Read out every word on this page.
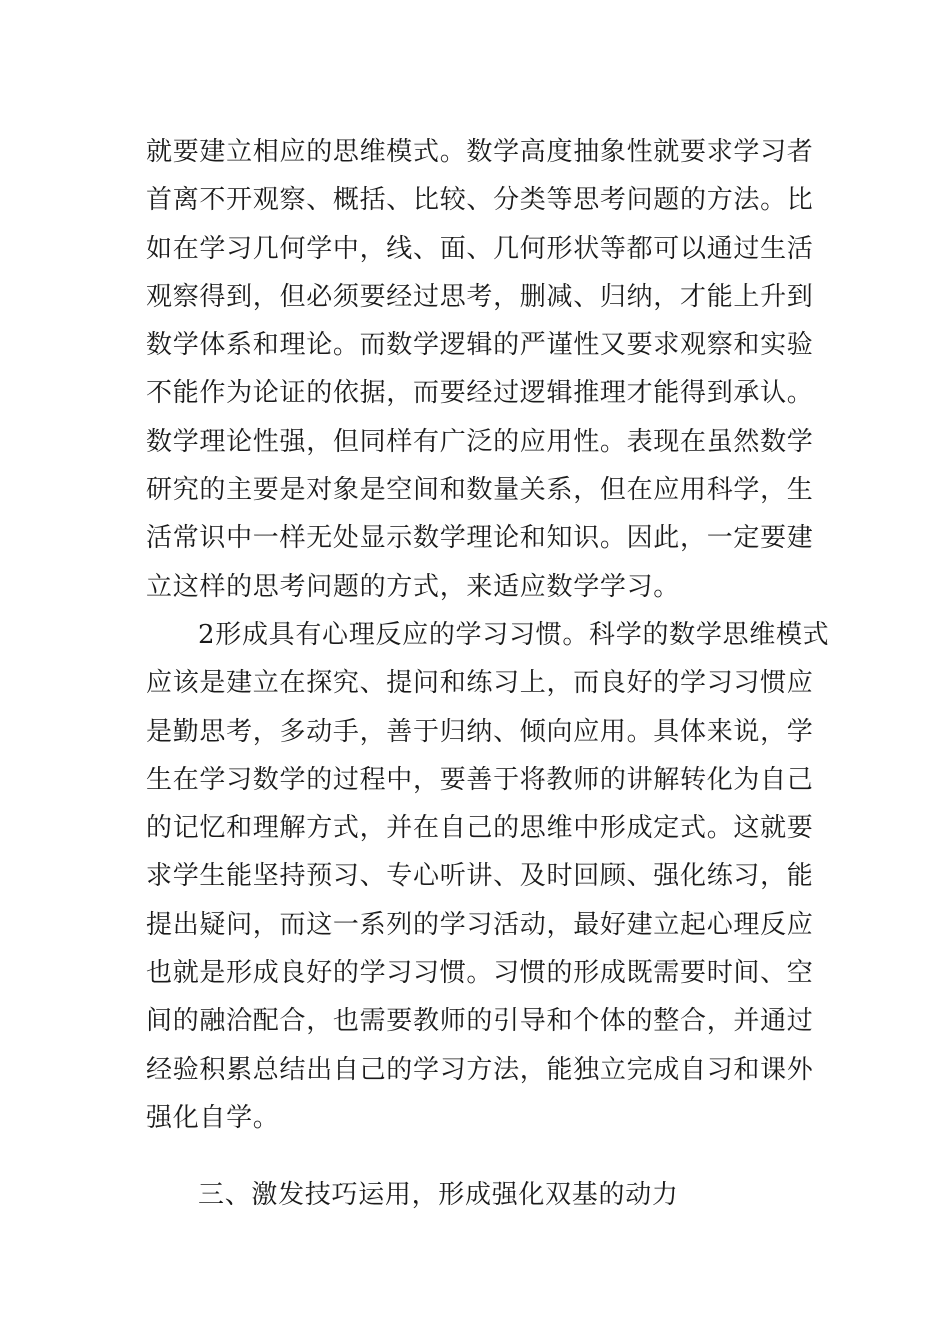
就要建立相应的思维模式。数学高度抽象性就要求学习者
首离不开观察、概括、比较、分类等思考问题的方法。比
如在学习几何学中，线、面、几何形状等都可以通过生活
观察得到，但必须要经过思考，删减、归纳，才能上升到
数学体系和理论。而数学逻辑的严谨性又要求观察和实验
不能作为论证的依据，而要经过逻辑推理才能得到承认。
数学理论性强，但同样有广泛的应用性。表现在虽然数学
研究的主要是对象是空间和数量关系，但在应用科学，生
活常识中一样无处显示数学理论和知识。因此，一定要建
立这样的思考问题的方式，来适应数学学习。
2形成具有心理反应的学习习惯。科学的数学思维模式
应该是建立在探究、提问和练习上，而良好的学习习惯应
是勤思考，多动手，善于归纳、倾向应用。具体来说，学
生在学习数学的过程中，要善于将教师的讲解转化为自己
的记忆和理解方式，并在自己的思维中形成定式。这就要
求学生能坚持预习、专心听讲、及时回顾、强化练习，能
提出疑问，而这一系列的学习活动，最好建立起心理反应
也就是形成良好的学习习惯。习惯的形成既需要时间、空
间的融洽配合，也需要教师的引导和个体的整合，并通过
经验积累总结出自己的学习方法，能独立完成自习和课外
强化自学。
三、激发技巧运用，形成强化双基的动力
